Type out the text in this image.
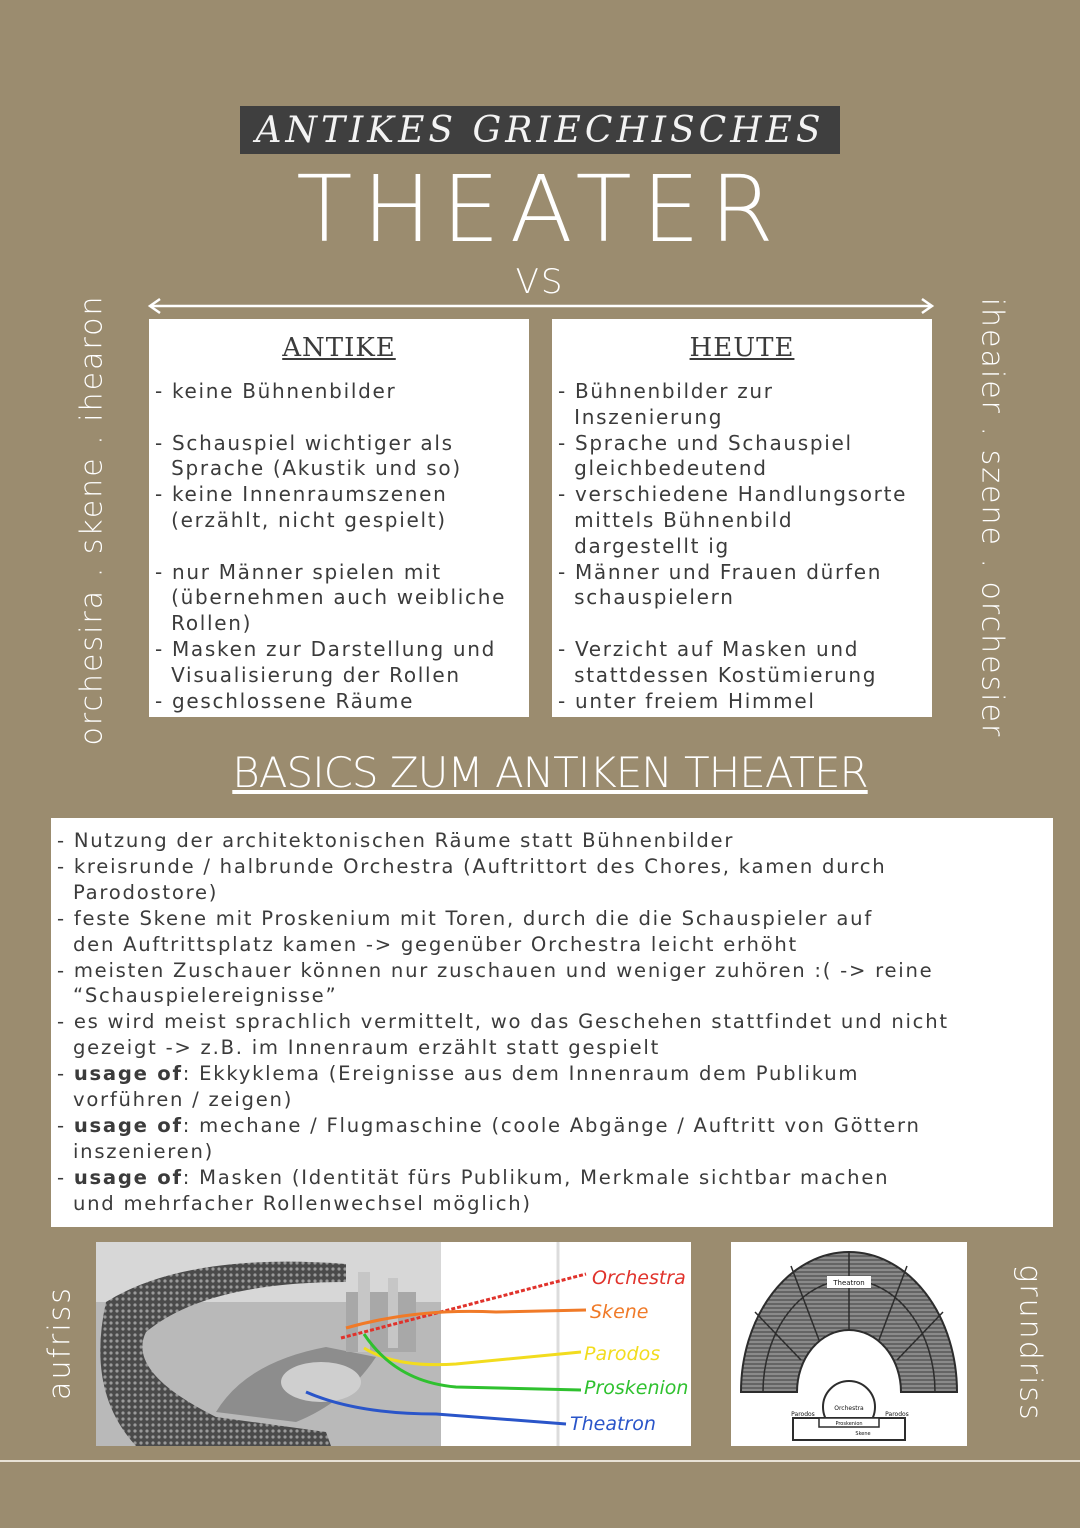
ANTIKES GRIECHISCHES
THEATER
VS
orchesira . skene . ihearon	iheaier . szene . orchesier
ANTIKE
- keine Bühnenbilder

- Schauspiel wichtiger als
Sprache (Akustik und so)
- keine Innenraumszenen
(erzählt, nicht gespielt)

- nur Männer spielen mit
(übernehmen auch weibliche
Rollen)
- Masken zur Darstellung und
Visualisierung der Rollen
- geschlossene Räume
HEUTE
- Bühnenbilder zur
Inszenierung
- Sprache und Schauspiel
gleichbedeutend
- verschiedene Handlungsorte
mittels Bühnenbild
dargestellt ig
- Männer und Frauen dürfen
schauspielern

- Verzicht auf Masken und
stattdessen Kostümierung
- unter freiem Himmel
BASICS ZUM ANTIKEN THEATER
- Nutzung der architektonischen Räume statt Bühnenbilder
- kreisrunde / halbrunde Orchestra (Auftrittort des Chores, kamen durch
Parodostore)
- feste Skene mit Proskenium mit Toren, durch die die Schauspieler auf
den Auftrittsplatz kamen -> gegenüber Orchestra leicht erhöht
- meisten Zuschauer können nur zuschauen und weniger zuhören :( -> reine
“Schauspielereignisse”
- es wird meist sprachlich vermittelt, wo das Geschehen stattfindet und nicht
gezeigt -> z.B. im Innenraum erzählt statt gespielt
- usage of: Ekkyklema (Ereignisse aus dem Innenraum dem Publikum
vorführen / zeigen)
- usage of: mechane / Flugmaschine (coole Abgänge / Auftritt von Göttern
inszenieren)
- usage of: Masken (Identität fürs Publikum, Merkmale sichtbar machen
und mehrfacher Rollenwechsel möglich)
aufriss	grundriss
Orchestra
Skene
Parodos
Proskenion
Theatron
Theatron
Orchestra
Parodos	Parodos
Proskenion
Skene
